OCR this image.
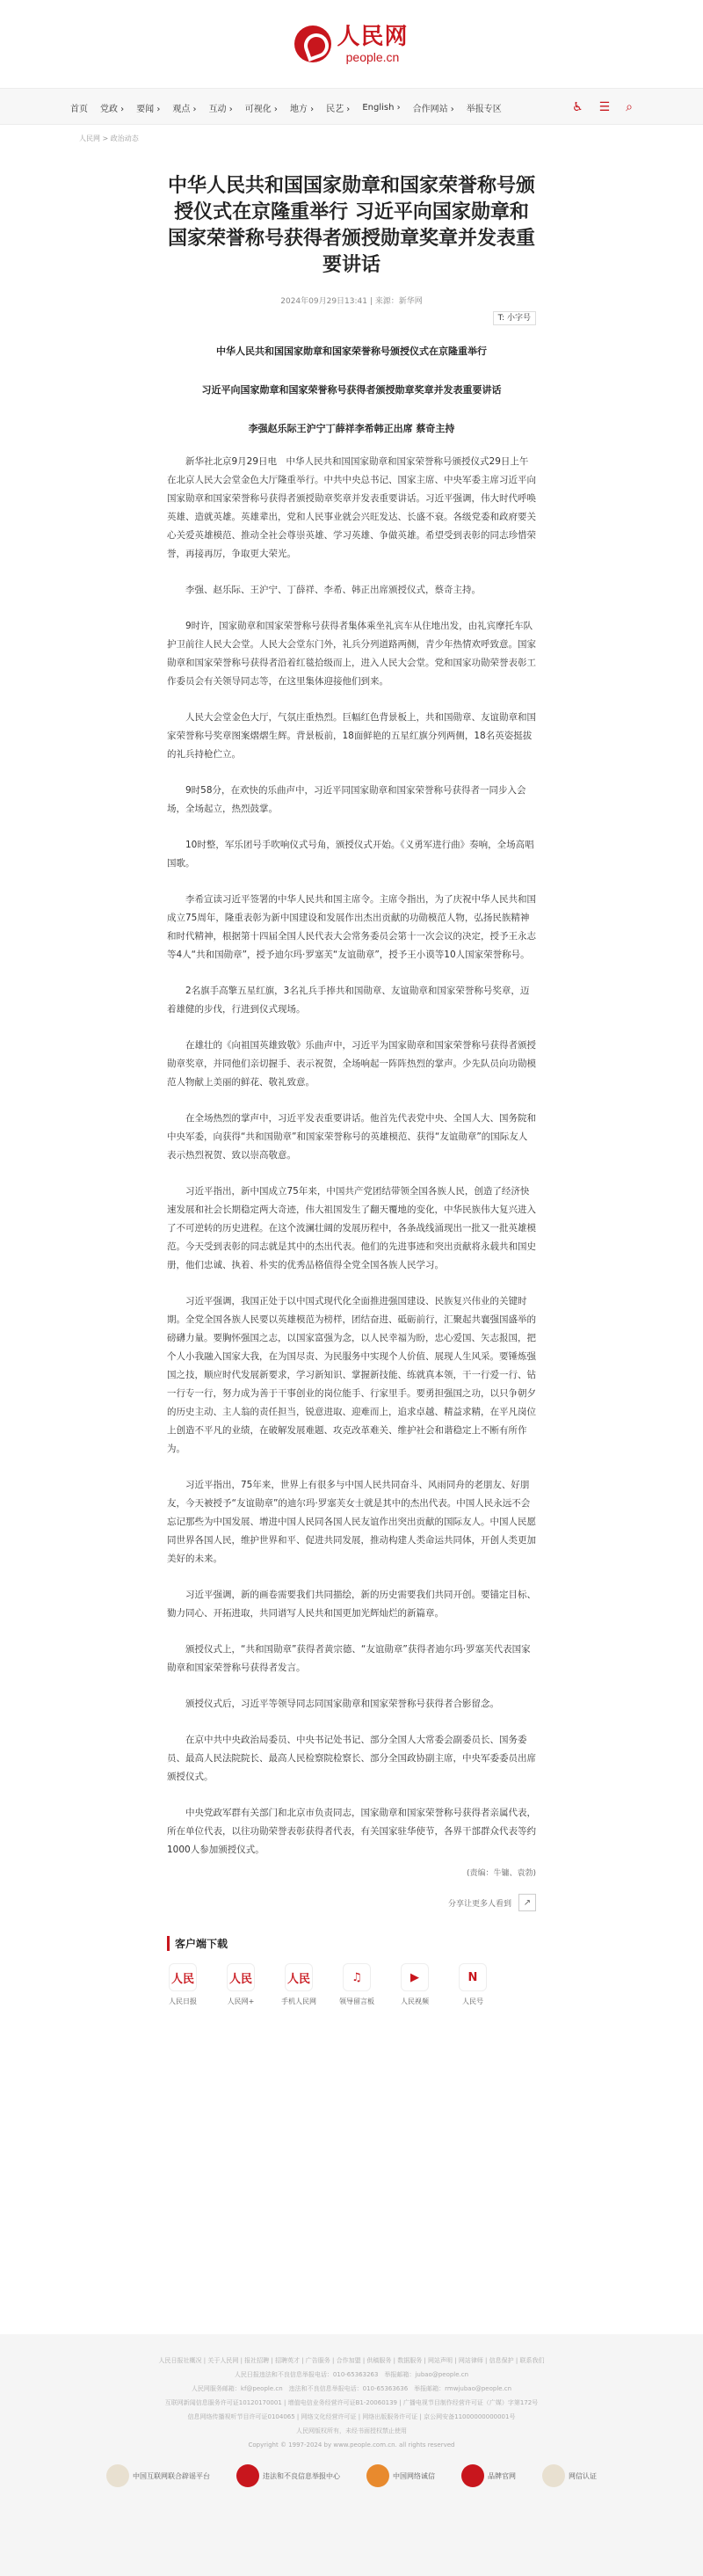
人民网
people.cn
首页 党政 › 要闻 › 观点 › 互动 › 可视化 › 地方 › 民艺 › English › 合作网站 › 举报专区	♿ ☰ ⌕
人民网 > 政治动态
中华人民共和国国家勋章和国家荣誉称号颁授仪式在京隆重举行 习近平向国家勋章和国家荣誉称号获得者颁授勋章奖章并发表重要讲话
2024年09月29日13:41 | 来源：新华网
T: 小字号
中华人民共和国国家勋章和国家荣誉称号颁授仪式在京隆重举行
习近平向国家勋章和国家荣誉称号获得者颁授勋章奖章并发表重要讲话
李强赵乐际王沪宁丁薛祥李希韩正出席 蔡奇主持

新华社北京9月29日电　中华人民共和国国家勋章和国家荣誉称号颁授仪式29日上午在北京人民大会堂金色大厅隆重举行。中共中央总书记、国家主席、中央军委主席习近平向国家勋章和国家荣誉称号获得者颁授勋章奖章并发表重要讲话。习近平强调，伟大时代呼唤英雄、造就英雄。英雄辈出，党和人民事业就会兴旺发达、长盛不衰。各级党委和政府要关心关爱英雄模范、推动全社会尊崇英雄、学习英雄、争做英雄。希望受到表彰的同志珍惜荣誉，再接再厉，争取更大荣光。

李强、赵乐际、王沪宁、丁薛祥、李希、韩正出席颁授仪式，蔡奇主持。

9时许，国家勋章和国家荣誉称号获得者集体乘坐礼宾车从住地出发，由礼宾摩托车队护卫前往人民大会堂。人民大会堂东门外，礼兵分列道路两侧，青少年热情欢呼致意。国家勋章和国家荣誉称号获得者沿着红毯拾级而上，进入人民大会堂。党和国家功勋荣誉表彰工作委员会有关领导同志等，在这里集体迎接他们到来。

人民大会堂金色大厅，气氛庄重热烈。巨幅红色背景板上，共和国勋章、友谊勋章和国家荣誉称号奖章图案熠熠生辉。背景板前，18面鲜艳的五星红旗分列两侧，18名英姿挺拔的礼兵持枪伫立。

9时58分，在欢快的乐曲声中，习近平同国家勋章和国家荣誉称号获得者一同步入会场，全场起立，热烈鼓掌。

10时整，军乐团号手吹响仪式号角，颁授仪式开始。《义勇军进行曲》奏响，全场高唱国歌。

李希宣读习近平签署的中华人民共和国主席令。主席令指出，为了庆祝中华人民共和国成立75周年，隆重表彰为新中国建设和发展作出杰出贡献的功勋模范人物，弘扬民族精神和时代精神，根据第十四届全国人民代表大会常务委员会第十一次会议的决定，授予王永志等4人“共和国勋章”，授予迪尔玛·罗塞芙“友谊勋章”，授予王小谟等10人国家荣誉称号。

2名旗手高擎五星红旗，3名礼兵手捧共和国勋章、友谊勋章和国家荣誉称号奖章，迈着雄健的步伐，行进到仪式现场。

在雄壮的《向祖国英雄致敬》乐曲声中，习近平为国家勋章和国家荣誉称号获得者颁授勋章奖章，并同他们亲切握手、表示祝贺，全场响起一阵阵热烈的掌声。少先队员向功勋模范人物献上美丽的鲜花、敬礼致意。

在全场热烈的掌声中，习近平发表重要讲话。他首先代表党中央、全国人大、国务院和中央军委，向获得“共和国勋章”和国家荣誉称号的英雄模范、获得“友谊勋章”的国际友人表示热烈祝贺、致以崇高敬意。

习近平指出，新中国成立75年来，中国共产党团结带领全国各族人民，创造了经济快速发展和社会长期稳定两大奇迹，伟大祖国发生了翻天覆地的变化，中华民族伟大复兴进入了不可逆转的历史进程。在这个波澜壮阔的发展历程中，各条战线涌现出一批又一批英雄模范。今天受到表彰的同志就是其中的杰出代表。他们的先进事迹和突出贡献将永载共和国史册，他们忠诚、执着、朴实的优秀品格值得全党全国各族人民学习。

习近平强调，我国正处于以中国式现代化全面推进强国建设、民族复兴伟业的关键时期。全党全国各族人民要以英雄模范为榜样，团结奋进、砥砺前行，汇聚起共襄强国盛举的磅礴力量。要胸怀强国之志，以国家富强为念，以人民幸福为盼，忠心爱国、矢志报国，把个人小我融入国家大我，在为国尽责、为民服务中实现个人价值、展现人生风采。要锤炼强国之技，顺应时代发展新要求，学习新知识、掌握新技能、练就真本领，干一行爱一行、钻一行专一行，努力成为善于干事创业的岗位能手、行家里手。要勇担强国之功，以只争朝夕的历史主动、主人翁的责任担当，锐意进取、迎难而上，追求卓越、精益求精，在平凡岗位上创造不平凡的业绩，在破解发展难题、攻克改革难关、维护社会和谐稳定上不断有所作为。

习近平指出，75年来，世界上有很多与中国人民共同奋斗、风雨同舟的老朋友、好朋友，今天被授予“友谊勋章”的迪尔玛·罗塞芙女士就是其中的杰出代表。中国人民永远不会忘记那些为中国发展、增进中国人民同各国人民友谊作出突出贡献的国际友人。中国人民愿同世界各国人民，维护世界和平、促进共同发展，推动构建人类命运共同体，开创人类更加美好的未来。

习近平强调，新的画卷需要我们共同描绘，新的历史需要我们共同开创。要锚定目标、勠力同心、开拓进取，共同谱写人民共和国更加光辉灿烂的新篇章。

颁授仪式上，“共和国勋章”获得者黄宗德、“友谊勋章”获得者迪尔玛·罗塞芙代表国家勋章和国家荣誉称号获得者发言。

颁授仪式后，习近平等领导同志同国家勋章和国家荣誉称号获得者合影留念。

在京中共中央政治局委员、中央书记处书记、部分全国人大常委会副委员长、国务委员、最高人民法院院长、最高人民检察院检察长、部分全国政协副主席，中央军委委员出席颁授仪式。

中央党政军群有关部门和北京市负责同志，国家勋章和国家荣誉称号获得者亲属代表，所在单位代表，以往功勋荣誉表彰获得者代表，有关国家驻华使节，各界干部群众代表等约1000人参加颁授仪式。

(责编：牛镛、袁勃)
分享让更多人看到	↗
客户端下载
人民
人民日报
人民
人民网+
人民
手机人民网
♫
领导留言板
▶
人民视频
N
人民号
人民日报社概况 | 关于人民网 | 报社招聘 | 招聘英才 | 广告服务 | 合作加盟 | 供稿服务 | 数据服务 | 网站声明 | 网站律师 | 信息保护 | 联系我们
人民日报违法和不良信息举报电话：010-65363263　举报邮箱：jubao@people.cn
人民网服务邮箱：kf@people.cn　违法和不良信息举报电话：010-65363636　举报邮箱：rmwjubao@people.cn
互联网新闻信息服务许可证10120170001 | 增值电信业务经营许可证B1-20060139 | 广播电视节目制作经营许可证（广媒）字第172号
信息网络传播视听节目许可证0104065 | 网络文化经营许可证 | 网络出版服务许可证 | 京公网安备11000000000001号
人民网版权所有，未经书面授权禁止使用
Copyright © 1997-2024 by www.people.com.cn. all rights reserved
中国互联网联合辟谣平台	违法和不良信息举报中心	中国网络诚信	品牌官网	网信认证
